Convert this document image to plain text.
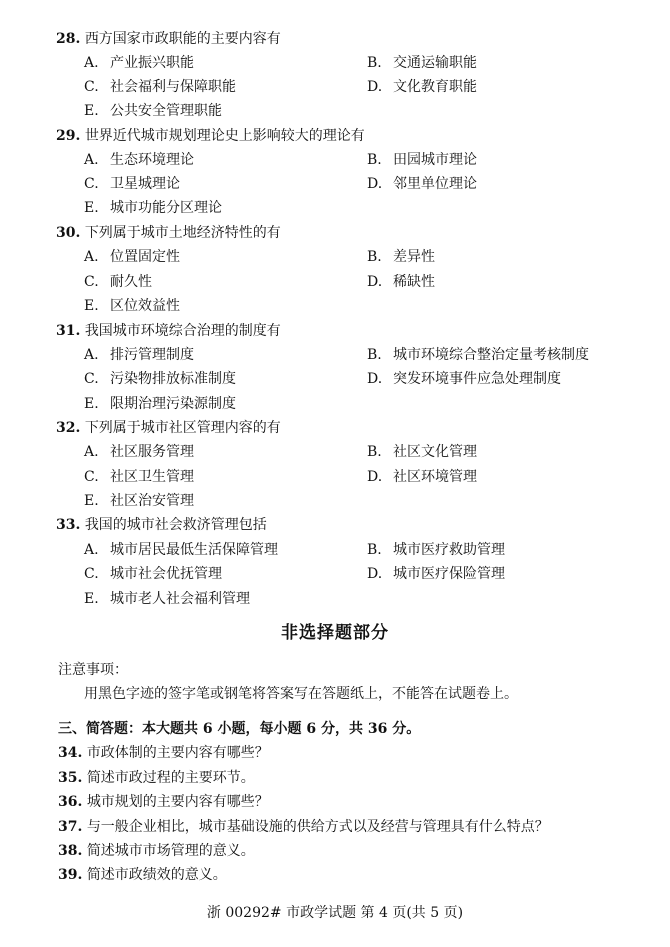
28. 西方国家市政职能的主要内容有
A. 产业振兴职能	B. 交通运输职能
C. 社会福利与保障职能	D. 文化教育职能
E. 公共安全管理职能
29. 世界近代城市规划理论史上影响较大的理论有
A. 生态环境理论	B. 田园城市理论
C. 卫星城理论	D. 邻里单位理论
E. 城市功能分区理论
30. 下列属于城市土地经济特性的有
A. 位置固定性	B. 差异性
C. 耐久性	D. 稀缺性
E. 区位效益性
31. 我国城市环境综合治理的制度有
A. 排污管理制度	B. 城市环境综合整治定量考核制度
C. 污染物排放标准制度	D. 突发环境事件应急处理制度
E. 限期治理污染源制度
32. 下列属于城市社区管理内容的有
A. 社区服务管理	B. 社区文化管理
C. 社区卫生管理	D. 社区环境管理
E. 社区治安管理
33. 我国的城市社会救济管理包括
A. 城市居民最低生活保障管理	B. 城市医疗救助管理
C. 城市社会优抚管理	D. 城市医疗保险管理
E. 城市老人社会福利管理
非选择题部分
注意事项：
用黑色字迹的签字笔或钢笔将答案写在答题纸上，不能答在试题卷上。
三、简答题：本大题共 6 小题，每小题 6 分，共 36 分。
34. 市政体制的主要内容有哪些？
35. 简述市政过程的主要环节。
36. 城市规划的主要内容有哪些？
37. 与一般企业相比，城市基础设施的供给方式以及经营与管理具有什么特点？
38. 简述城市市场管理的意义。
39. 简述市政绩效的意义。
浙 00292# 市政学试题 第 4 页(共 5 页)
